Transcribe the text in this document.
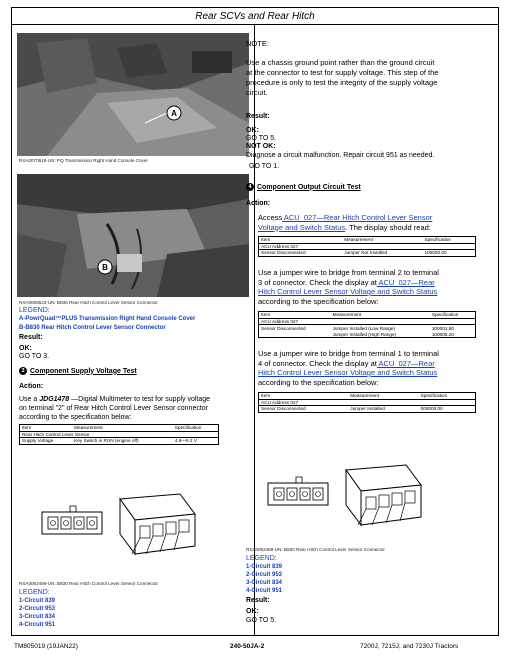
Rear SCVs and Rear Hitch
A
RXA0070518-UN: PQ Transmission Right Hand Console Cover
B
RXA0066523-UN: B830 Rear Hitch Control Lever Sensor Connector
LEGEND:
A-PowrQuad™PLUS Transmission Right Hand Console Cover
B-B830 Rear Hitch Control Lever Sensor Connector
Result:
OK:
GO TO 3.
3 Component Supply Voltage Test
Action:
Use a JDG1478 —Digital Multimeter to test for supply voltage
on terminal "2" of Rear Hitch Control Lever Sensor connector
according to the specification below:
Item	Measurement	Specification
Rear Hitch Control Lever Sensor		
Supply Voltage	Key Switch in RUN (engine off)	4.8—5.2 V
RXA0062469-UN: B830 Rear Hitch Control Lever Sensor Connector
LEGEND:
1-Circuit 839
2-Circuit 953
3-Circuit 834
4-Circuit 951
NOTE:
Use a chassis ground point rather than the ground circuit
at the connector to test for supply voltage. This step of the
procedure is only to test the integrity of the supply voltage
circuit.
Result:
OK:
GO TO 5.
NOT OK:
Diagnose a circuit malfunction. Repair circuit 951 as needed.
GO TO 1.
4 Component Output Circuit Test
Action:
Access ACU_027—Rear Hitch Control Lever Sensor
Voltage and Switch Status. The display should read:
Item	Measurement	Specification
ACU Address 027		
Sensor Disconnected	Jumper Not Installed	100000.00
Use a jumper wire to bridge from terminal 2 to terminal
3 of connector. Check the display at ACU_027—Rear
Hitch Control Lever Sensor Voltage and Switch Status
according to the specification below:
Item	Measurement	Specification
ACU Address 027		
Sensor Disconnected	Jumper Installed (Low Range)	100001.80
	Jumper Installed (High Range)	100005.20
Use a jumper wire to bridge from terminal 1 to terminal
4 of connector. Check the display at ACU_027—Rear
Hitch Control Lever Sensor Voltage and Switch Status
according to the specification below:
Item	Measurement	Specification
ACU Address 027		
Sensor Disconnected	Jumper Installed	000000.00
RXA0062469-UN: B830 Rear Hitch Control Lever Sensor Connector
LEGEND:
1-Circuit 839
2-Circuit 953
3-Circuit 834
4-Circuit 951
Result:
OK:
GO TO 5.
TM805019 (19JAN22)	240-50JA-2	7200J, 7215J, and 7230J Tractors
